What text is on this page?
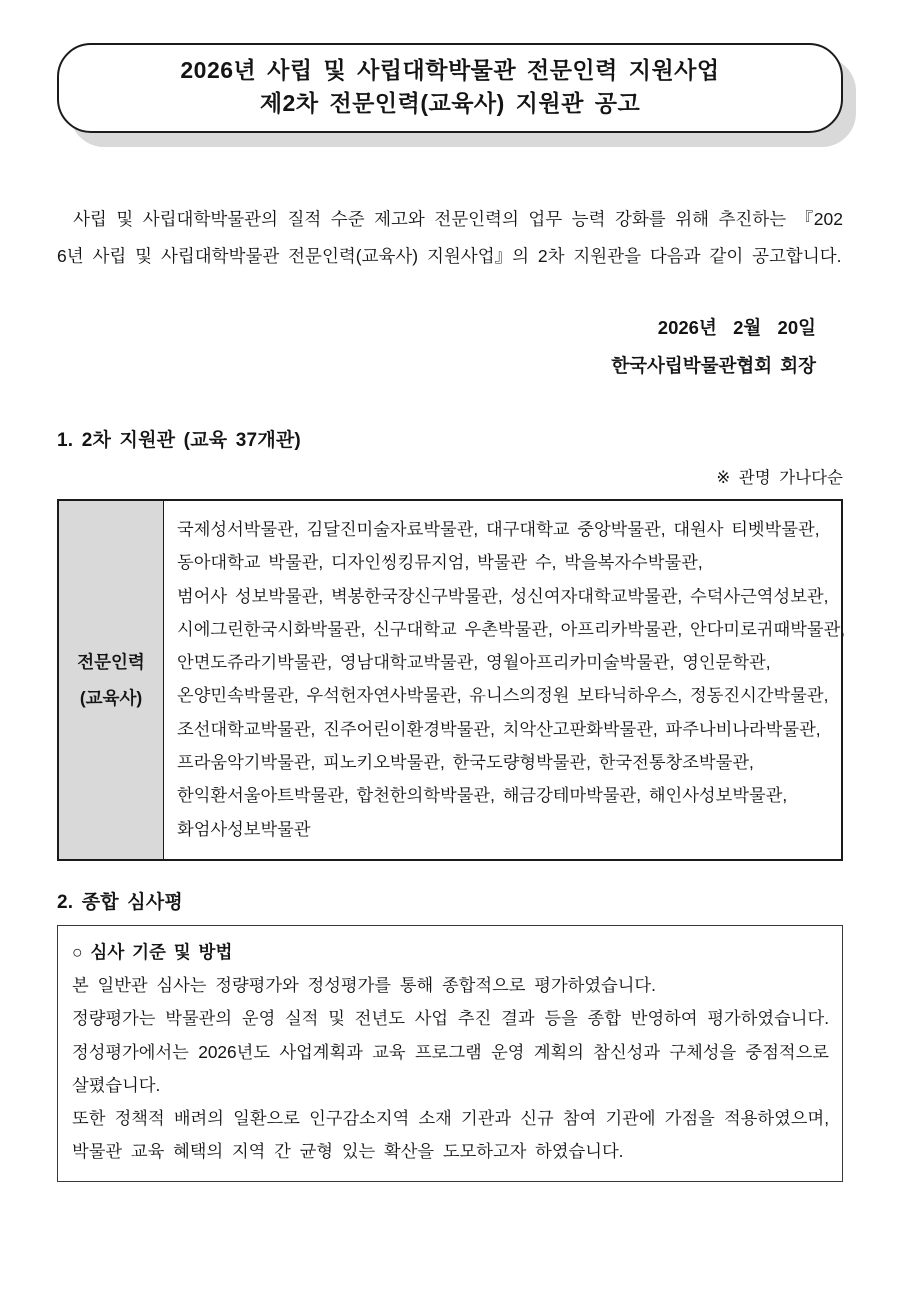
2026년 사립 및 사립대학박물관 전문인력 지원사업
제2차 전문인력(교육사) 지원관 공고

사립 및 사립대학박물관의 질적 수준 제고와 전문인력의 업무 능력 강화를 위해 추진하는 『2026년 사립 및 사립대학박물관 전문인력(교육사) 지원사업』의 2차 지원관을 다음과 같이 공고합니다.

2026년  2월  20일
한국사립박물관협회 회장
1. 2차 지원관 (교육 37개관)
※ 관명 가나다순
전문인력
(교육사)
국제성서박물관, 김달진미술자료박물관, 대구대학교 중앙박물관, 대원사 티벳박물관,
동아대학교 박물관, 디자인씽킹뮤지엄, 박물관 수, 박을복자수박물관,
범어사 성보박물관, 벽봉한국장신구박물관, 성신여자대학교박물관, 수덕사근역성보관,
시에그린한국시화박물관, 신구대학교 우촌박물관, 아프리카박물관, 안다미로귀때박물관,
안면도쥬라기박물관, 영남대학교박물관, 영월아프리카미술박물관, 영인문학관,
온양민속박물관, 우석헌자연사박물관, 유니스의정원 보타닉하우스, 정동진시간박물관,
조선대학교박물관, 진주어린이환경박물관, 치악산고판화박물관, 파주나비나라박물관,
프라움악기박물관, 피노키오박물관, 한국도량형박물관, 한국전통창조박물관,
한익환서울아트박물관, 합천한의학박물관, 해금강테마박물관, 해인사성보박물관,
화엄사성보박물관
2. 종합 심사평
○ 심사 기준 및 방법

본 일반관 심사는 정량평가와 정성평가를 통해 종합적으로 평가하였습니다.

정량평가는 박물관의 운영 실적 및 전년도 사업 추진 결과 등을 종합 반영하여 평가하였습니다. 정성평가에서는 2026년도 사업계획과 교육 프로그램 운영 계획의 참신성과 구체성을 중점적으로 살폈습니다.

또한 정책적 배려의 일환으로 인구감소지역 소재 기관과 신규 참여 기관에 가점을 적용하였으며, 박물관 교육 혜택의 지역 간 균형 있는 확산을 도모하고자 하였습니다.
